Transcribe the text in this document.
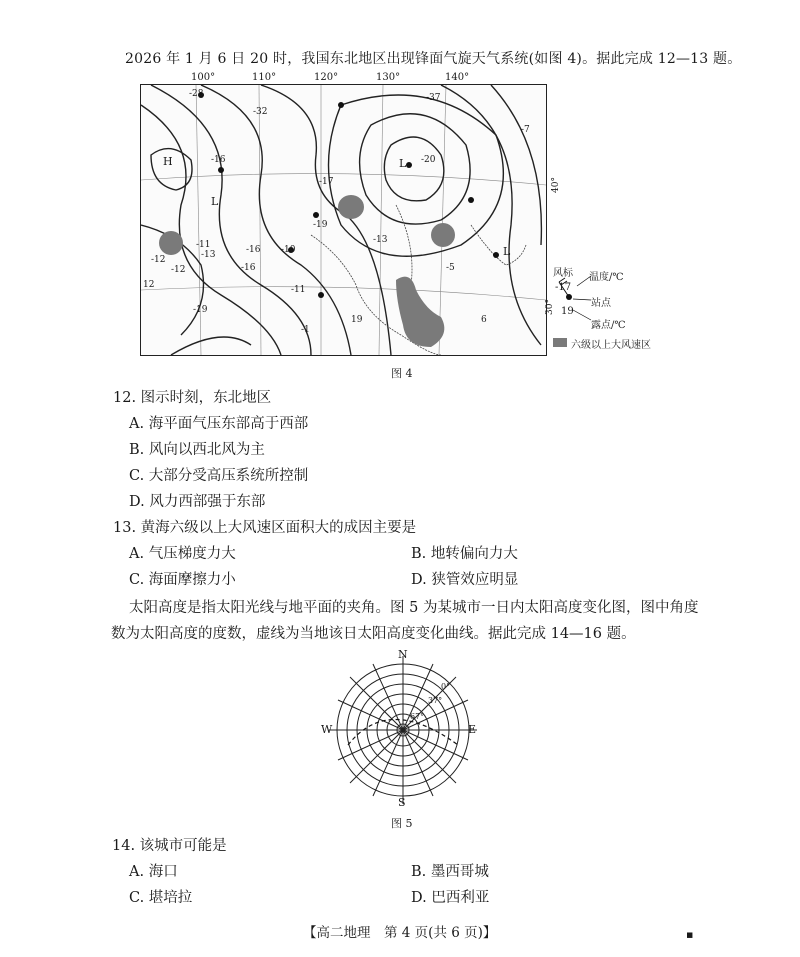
2026 年 1 月 6 日 20 时，我国东北地区出现锋面气旋天气系统(如图 4)。据此完成 12—13 题。
100°	110°	120°	130°	140°
L
L
H
L
-28
-16
-32
-37
-20
-16
-13
-19
-11
-13
-16
-10
-12
-19
-7
-1
-11
6
19
-17
-12
-5
12
40°
30°
风标 温度/℃
-17
站点
19
露点/℃
六级以上大风速区
图 4
12. 图示时刻，东北地区
A. 海平面气压东部高于西部
B. 风向以西北风为主
C. 大部分受高压系统所控制
D. 风力西部强于东部
13. 黄海六级以上大风速区面积大的成因主要是
A. 气压梯度力大	B. 地转偏向力大
C. 海面摩擦力小	D. 狭管效应明显
太阳高度是指太阳光线与地平面的夹角。图 5 为某城市一日内太阳高度变化图，图中角度
数为太阳高度的度数，虚线为当地该日太阳高度变化曲线。据此完成 14—16 题。
N
S
W	E
0°
37°
67°
图 5
14. 该城市可能是
A. 海口	B. 墨西哥城
C. 堪培拉	D. 巴西利亚
【高二地理　第 4 页(共 6 页)】	▪
